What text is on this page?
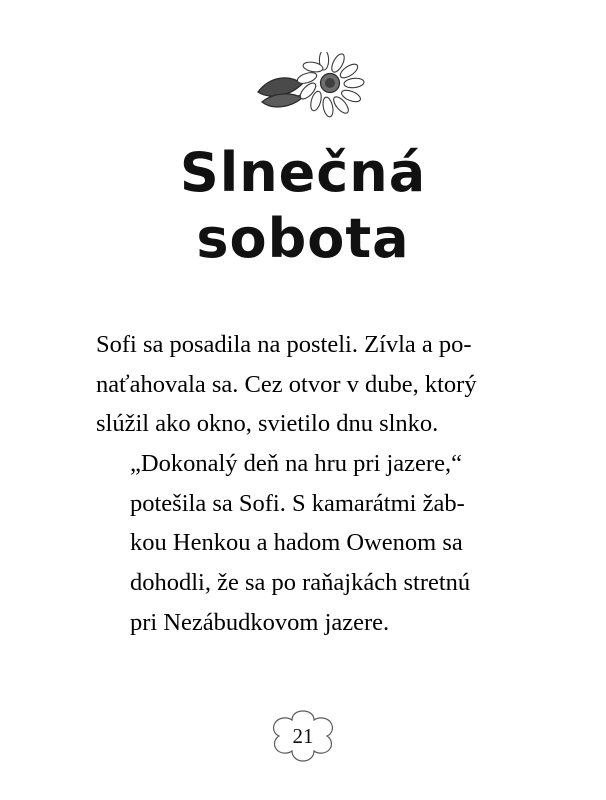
Slnečná
sobota

Sofi sa posadila na posteli. Zívla a po-
naťahovala sa. Cez otvor v dube, ktorý
slúžil ako okno, svietilo dnu slnko.

„Dokonalý deň na hru pri jazere,“
potešila sa Sofi. S kamarátmi žab-
kou Henkou a hadom Owenom sa
dohodli, že sa po raňajkách stretnú
pri Nezábudkovom jazere.

21
